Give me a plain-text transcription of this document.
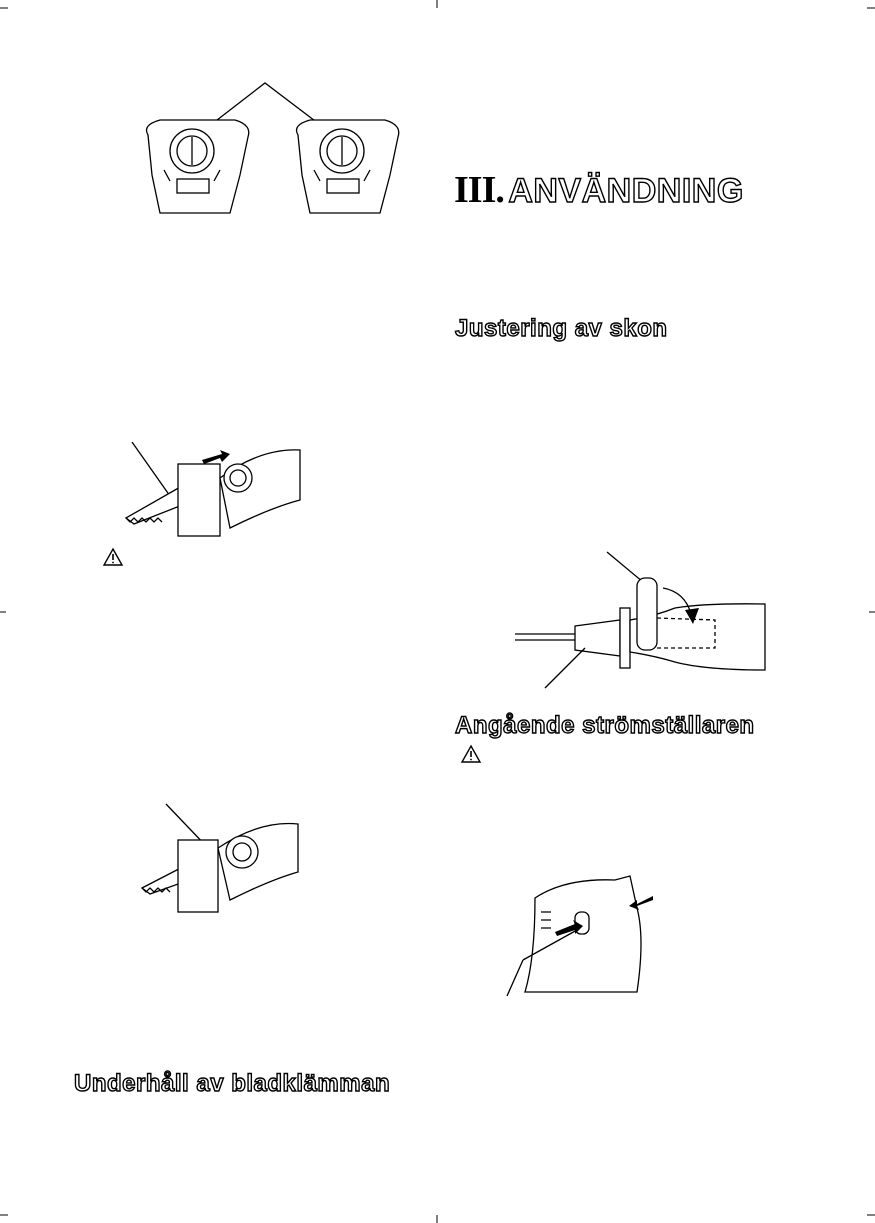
III. ANVÄNDNING
Justering av skon
Angående strömställaren
Underhåll av bladklämman
